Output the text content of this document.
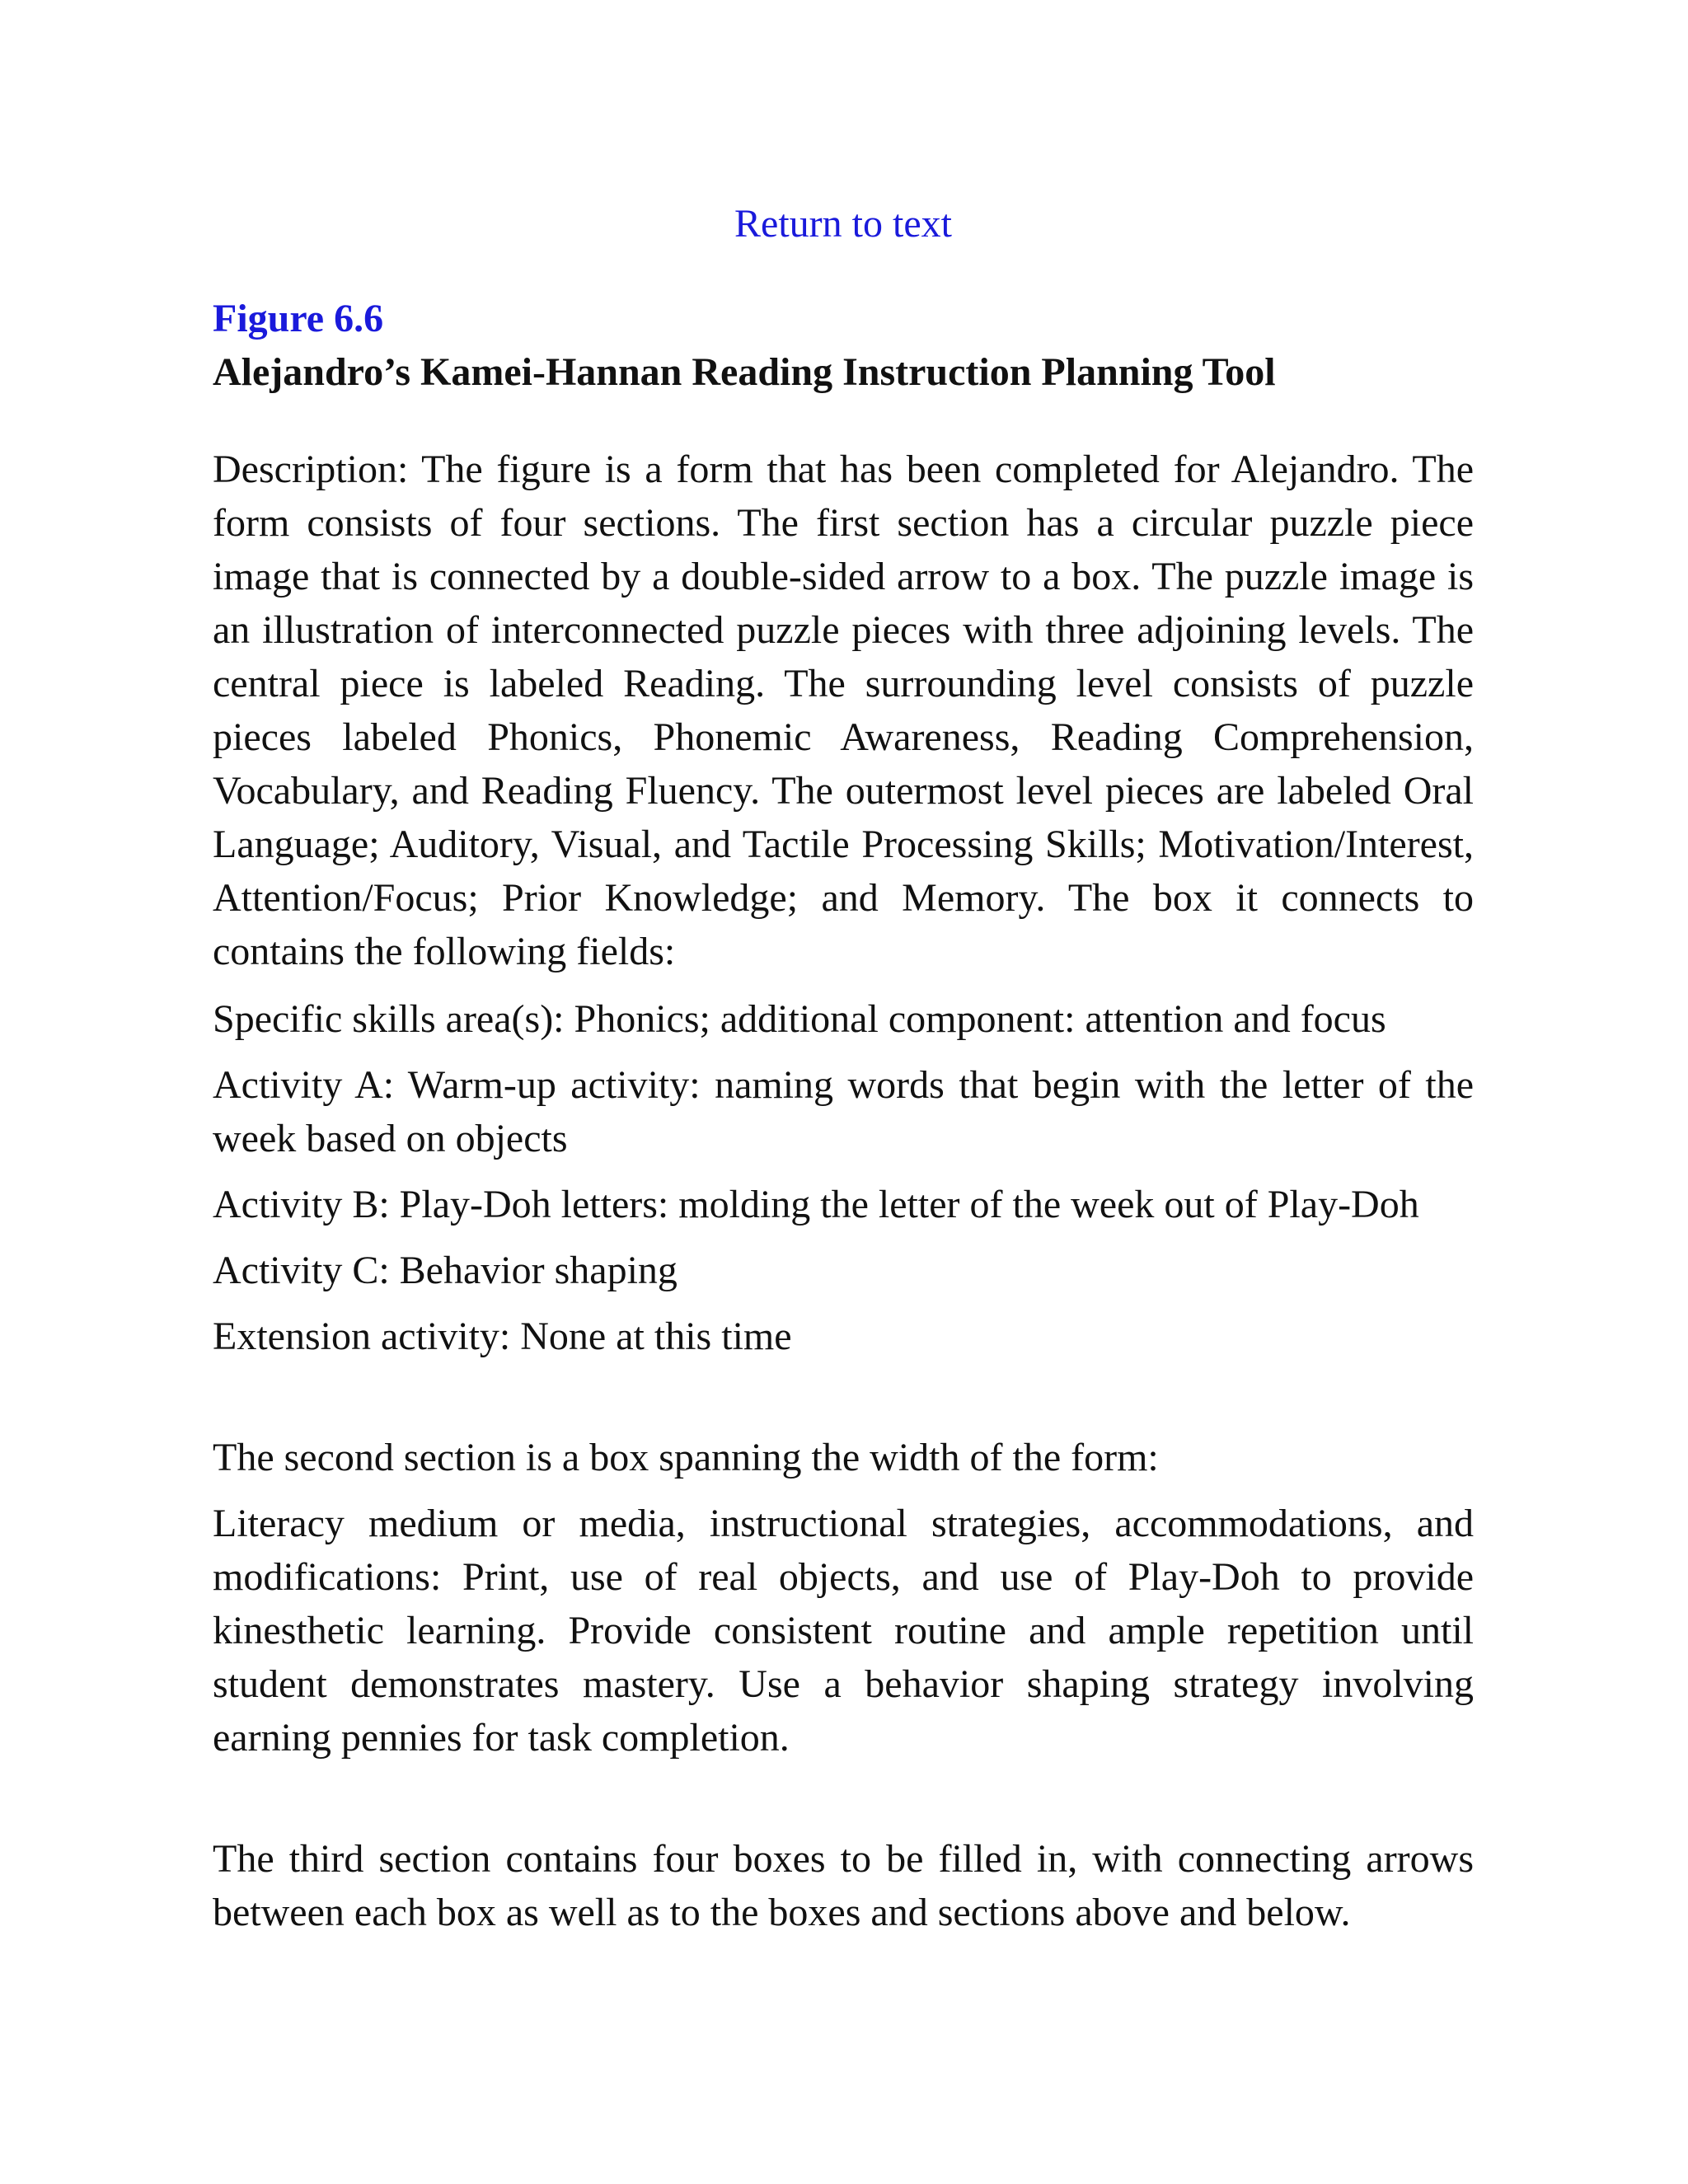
Return to text
Figure 6.6
Alejandro’s Kamei-Hannan Reading Instruction Planning Tool

Description: The figure is a form that has been completed for Alejandro. The form consists of four sections. The first section has a circular puzzle piece image that is connected by a double-sided arrow to a box. The puzzle image is an illustration of interconnected puzzle pieces with three adjoining levels. The central piece is labeled Reading. The surrounding level consists of puzzle pieces labeled Phonics, Phonemic Awareness, Reading Comprehension, Vocabulary, and Reading Fluency. The outermost level pieces are labeled Oral Language; Auditory, Visual, and Tactile Processing Skills; Motivation/Interest, Attention/Focus; Prior Knowledge; and Memory. The box it connects to contains the following fields:

Specific skills area(s): Phonics; additional component: attention and focus

Activity A: Warm-up activity: naming words that begin with the letter of the week based on objects

Activity B: Play-Doh letters: molding the letter of the week out of Play-Doh

Activity C: Behavior shaping

Extension activity: None at this time

The second section is a box spanning the width of the form:

Literacy medium or media, instructional strategies, accommodations, and modifications: Print, use of real objects, and use of Play-Doh to provide kinesthetic learning. Provide consistent routine and ample repetition until student demonstrates mastery. Use a behavior shaping strategy involving earning pennies for task completion.

The third section contains four boxes to be filled in, with connecting arrows between each box as well as to the boxes and sections above and below.
